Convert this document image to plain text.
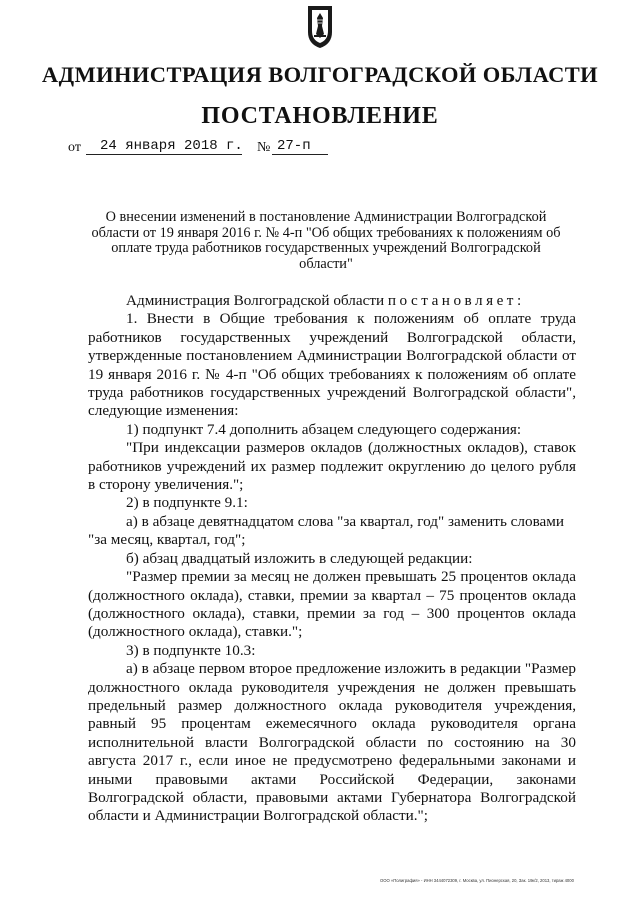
АДМИНИСТРАЦИЯ ВОЛГОГРАДСКОЙ ОБЛАСТИ
ПОСТАНОВЛЕНИЕ
от 24 января 2018 г. № 27-п
О внесении изменений в постановление Администрации Волгоградской области от 19 января 2016 г. № 4-п "Об общих требованиях к положениям об оплате труда работников государственных учреждений Волгоградской области"

Администрация Волгоградской области постановляет:

1. Внести в Общие требования к положениям об оплате труда работников государственных учреждений Волгоградской области, утвержденные постановлением Администрации Волгоградской области от 19 января 2016 г. № 4-п "Об общих требованиях к положениям об оплате труда работников государственных учреждений Волгоградской области", следующие изменения:

1) подпункт 7.4 дополнить абзацем следующего содержания:

"При индексации размеров окладов (должностных окладов), ставок работников учреждений их размер подлежит округлению до целого рубля в сторону увеличения.";

2) в подпункте 9.1:

а) в абзаце девятнадцатом слова "за квартал, год" заменить словами

"за месяц, квартал, год";

б) абзац двадцатый изложить в следующей редакции:

"Размер премии за месяц не должен превышать 25 процентов оклада (должностного оклада), ставки, премии за квартал – 75 процентов оклада (должностного оклада), ставки, премии за год – 300 процентов оклада (должностного оклада), ставки.";

3) в подпункте 10.3:

а) в абзаце первом второе предложение изложить в редакции "Размер должностного оклада руководителя учреждения не должен превышать предельный размер должностного оклада руководителя учреждения, равный 95 процентам ежемесячного оклада руководителя органа исполнительной власти Волгоградской области по состоянию на 30 августа 2017 г., если иное не предусмотрено федеральными законами и иными правовыми актами Российской Федерации, законами Волгоградской области, правовыми актами Губернатора Волгоградской области и Администрации Волгоградской области.";

ООО «Полиграфия» - ИНН 3444072309, г. Москва, ул. Пионерская, 20, Зак. 19к/2, 2013, тираж 4000
